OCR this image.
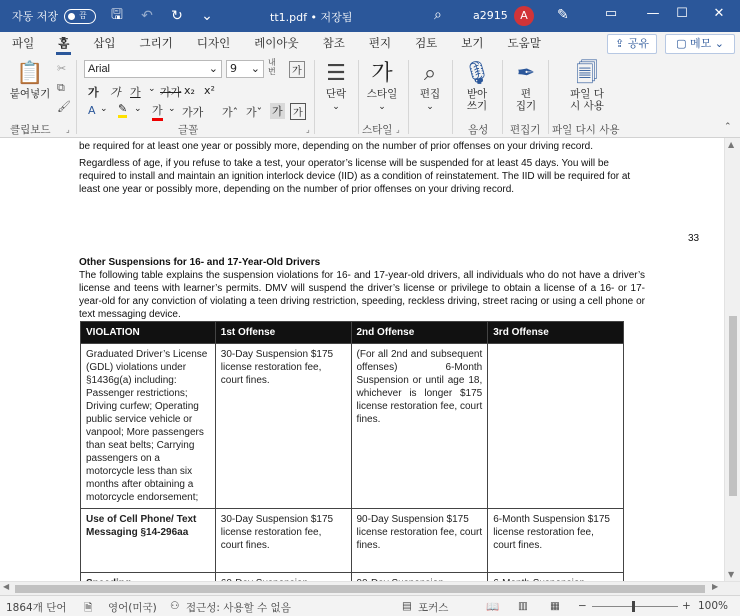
자동 저장	끔	🖫 ↶ ↻ ⌄	tt1.pdf • 저장됨	⌕	a2915	A	✎	▭	—	☐	✕
파일	홈	삽입	그리기	디자인	레이아웃	참조	편지	검토	보기	도움말	⇪ 공유	▢ 메모 ⌄
📋
붙여넣기
✂
⧉
🖌
클립보드 ⌟
Arial	⌄	9 ⌄ 내
번	가
가 가 가 ⌄ 가가 x₂ x²
A ⌄ ✎ ⌄ 가 ⌄ 가가 가ˆ 가ˇ 가	가
글꼴	⌟
☰
단락
⌄
가
스타일
⌄
스타일 ⌟
⌕
편집
⌄
🎙
받아
쓰기
음성
✒
편
집기
편집기
🗐
파일 다
시 사용
파일 다시 사용	⌃
be required for at least one year or possibly more, depending on the number of prior offenses on your driving record.
Regardless of age, if you refuse to take a test, your operator’s license will be suspended for at least 45 days. You will be required to install and maintain an ignition interlock device (IID) as a condition of reinstatement. The IID will be required for at least one year or possibly more, depending on the number of prior offenses on your driving record.
33
Other Suspensions for 16- and 17-Year-Old Drivers
The following table explains the suspension violations for 16- and 17-year-old drivers, all individuals who do not have a driver’s license and teens with learner’s permits. DMV will suspend the driver’s license or privilege to obtain a license of a 16- or 17-year-old for any conviction of violating a teen driving restriction, speeding, reckless driving, street racing or using a cell phone or text messaging device.
VIOLATION	1st Offense	2nd Offense	3rd Offense
Graduated Driver’s License (GDL) violations under §1436g(a) including: Passenger restrictions; Driving curfew; Operating public service vehicle or vanpool; More passengers than seat belts; Carrying passengers on a motorcycle less than six months after obtaining a motorcycle endorsement;	30-Day Suspension $175 license restoration fee, court fines.	(For all 2nd and subsequent offenses) 6-Month Suspension or until age 18, whichever is longer $175 license restoration fee, court fines.	
Use of Cell Phone/ Text Messaging §14-296aa	30-Day Suspension $175 license restoration fee, court fines.	90-Day Suspension $175 license restoration fee, court fines.	6-Month Suspension $175 license restoration fee, court fines.

▲
▼
◀	▶
1864개 단어 🗎 영어(미국) ⚇ 접근성: 사용할 수 없음	▤ 포커스	📖 ▥ ▦ −	+ 100%
